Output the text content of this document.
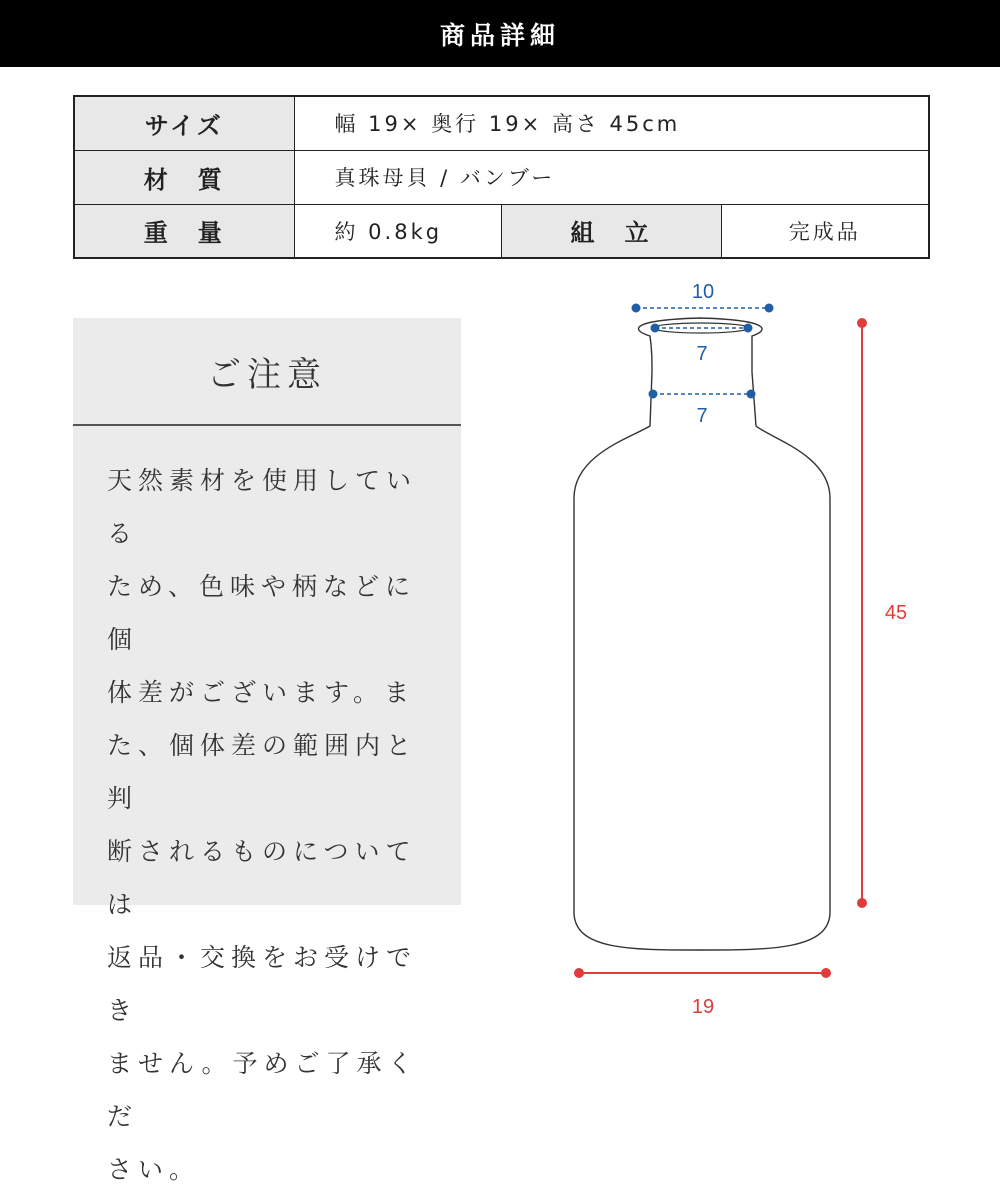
商品詳細
サイズ	幅 19× 奥行 19× 高さ 45cm		
材　質	真珠母貝 / バンブー		
重　量	約 0.8kg	組　立	完成品
ご注意
天然素材を使用している
ため、色味や柄などに個
体差がございます。ま
た、個体差の範囲内と判
断されるものについては
返品・交換をお受けでき
ません。予めご了承くだ
さい。
10
7
7
45
19
